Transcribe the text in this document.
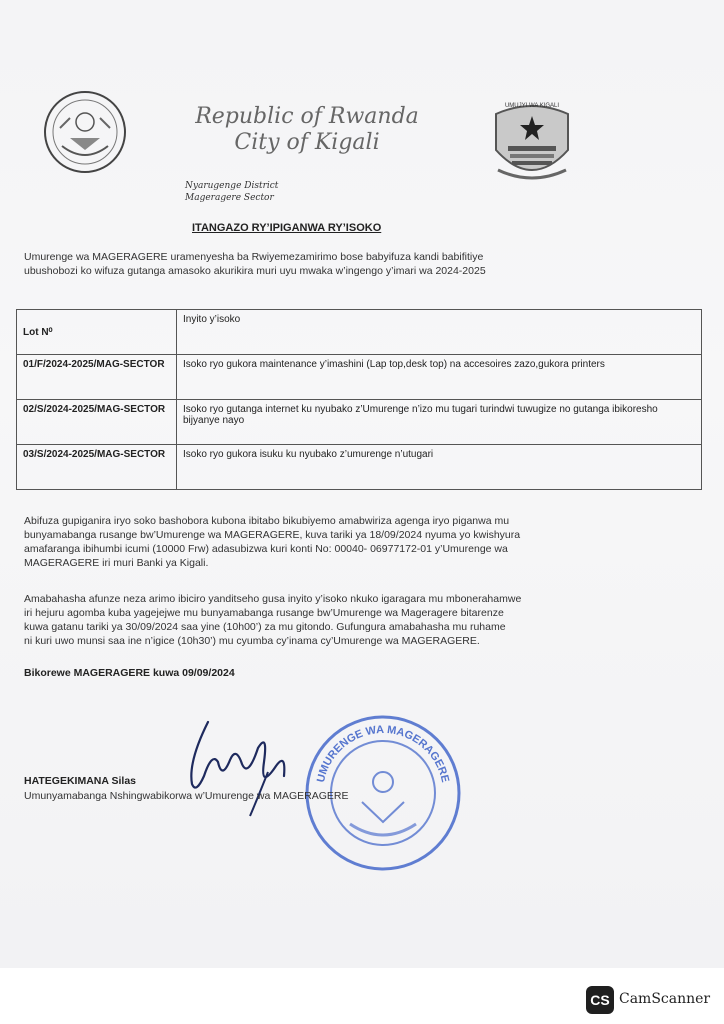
Republic of Rwanda
City of Kigali
UMUJYI WA KIGALI
Nyarugenge District
Mageragere Sector
ITANGAZO RY’IPIGANWA RY’ISOKO
Umurenge wa MAGERAGERE uramenyesha ba Rwiyemezamirimo bose babyifuza kandi babifitiye
ubushobozi ko wifuza gutanga amasoko akurikira muri uyu mwaka w’ingengo y’imari wa 2024-2025
Lot N⁰	Inyito y’isoko
01/F/2024-2025/MAG-SECTOR	Isoko ryo gukora maintenance y’imashini (Lap top,desk top) na accesoires zazo,gukora printers
02/S/2024-2025/MAG-SECTOR	Isoko ryo gutanga internet ku nyubako z’Umurenge n’izo mu tugari turindwi tuwugize no gutanga ibikoresho bijyanye nayo
03/S/2024-2025/MAG-SECTOR	Isoko ryo gukora isuku ku nyubako z’umurenge n’utugari
Abifuza gupiganira iryo soko bashobora kubona ibitabo bikubiyemo amabwiriza agenga iryo piganwa mu
bunyamabanga rusange bw’Umurenge wa MAGERAGERE, kuva tariki ya 18/09/2024 nyuma yo kwishyura
amafaranga ibihumbi icumi (10000 Frw) adasubizwa kuri konti No: 00040- 06977172-01 y’Umurenge wa
MAGERAGERE iri muri Banki ya Kigali.
Amabahasha afunze neza arimo ibiciro yanditseho gusa inyito y’isoko nkuko igaragara mu mbonerahamwe
iri hejuru agomba kuba yagejejwe mu bunyamabanga rusange bw’Umurenge wa Mageragere bitarenze
kuwa gatanu tariki ya 30/09/2024 saa yine (10h00’) za mu gitondo. Gufungura amabahasha mu ruhame
ni kuri uwo munsi saa ine n’igice (10h30’) mu cyumba cy’inama cy’Umurenge wa MAGERAGERE.
Bikorewe MAGERAGERE kuwa 09/09/2024
UMURENGE WA MAGERAGERE
HATEGEKIMANA Silas
Umunyamabanga Nshingwabikorwa w’Umurenge wa MAGERAGERE
CS CamScanner
